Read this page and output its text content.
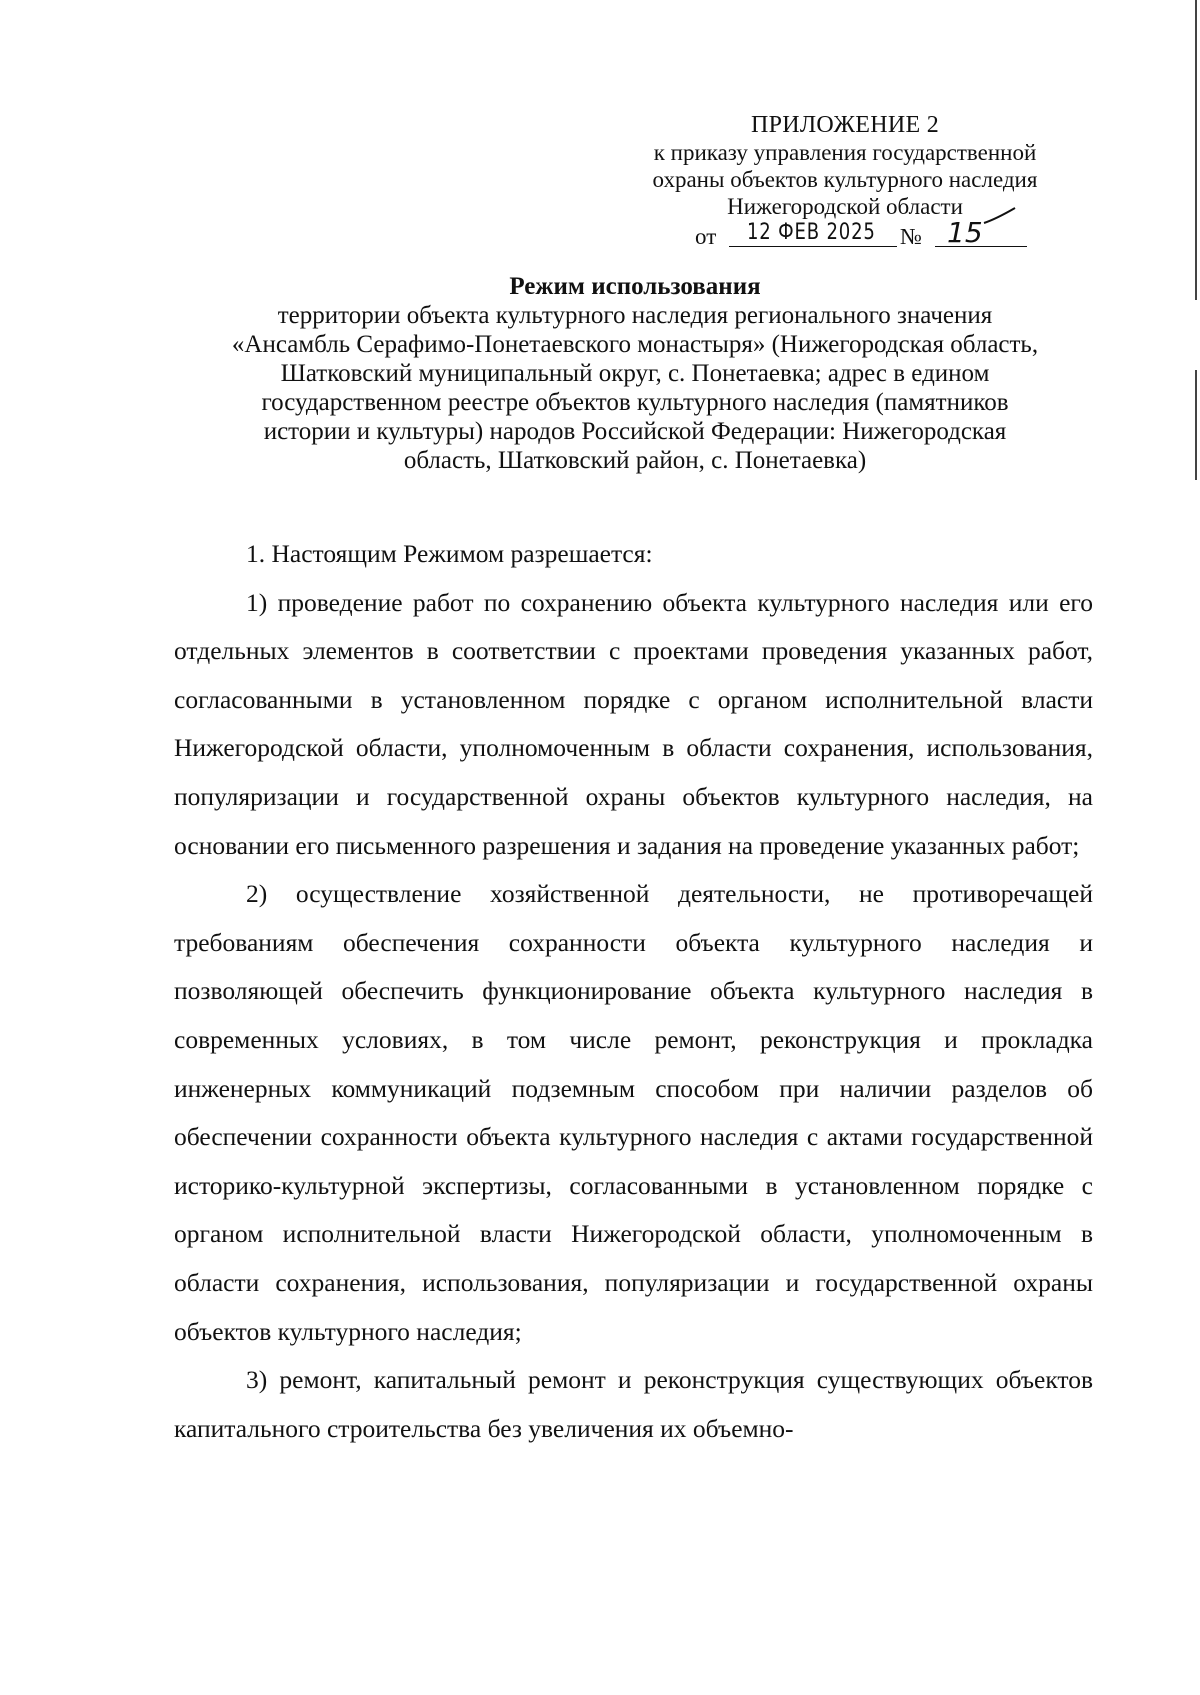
ПРИЛОЖЕНИЕ 2
к приказу управления государственной
охраны объектов культурного наследия
Нижегородской области
от 12 ФЕВ 2025 № 15
Режим использования
территории объекта культурного наследия регионального значения
«Ансамбль Серафимо-Понетаевского монастыря» (Нижегородская область,
Шатковский муниципальный округ, с. Понетаевка; адрес в едином
государственном реестре объектов культурного наследия (памятников
истории и культуры) народов Российской Федерации: Нижегородская
область, Шатковский район, с. Понетаевка)

1. Настоящим Режимом разрешается:

1) проведение работ по сохранению объекта культурного наследия или его отдельных элементов в соответствии с проектами проведения указанных работ, согласованными в установленном порядке с органом исполнительной власти Нижегородской области, уполномоченным в области сохранения, использования, популяризации и государственной охраны объектов культурного наследия, на основании его письменного разрешения и задания на проведение указанных работ;

2) осуществление хозяйственной деятельности, не противоречащей требованиям обеспечения сохранности объекта культурного наследия и позволяющей обеспечить функционирование объекта культурного наследия в современных условиях, в том числе ремонт, реконструкция и прокладка инженерных коммуникаций подземным способом при наличии разделов об обеспечении сохранности объекта культурного наследия с актами государственной историко-культурной экспертизы, согласованными в установленном порядке с органом исполнительной власти Нижегородской области, уполномоченным в области сохранения, использования, популяризации и государственной охраны объектов культурного наследия;

3) ремонт, капитальный ремонт и реконструкция существующих объектов капитального строительства без увеличения их объемно-
